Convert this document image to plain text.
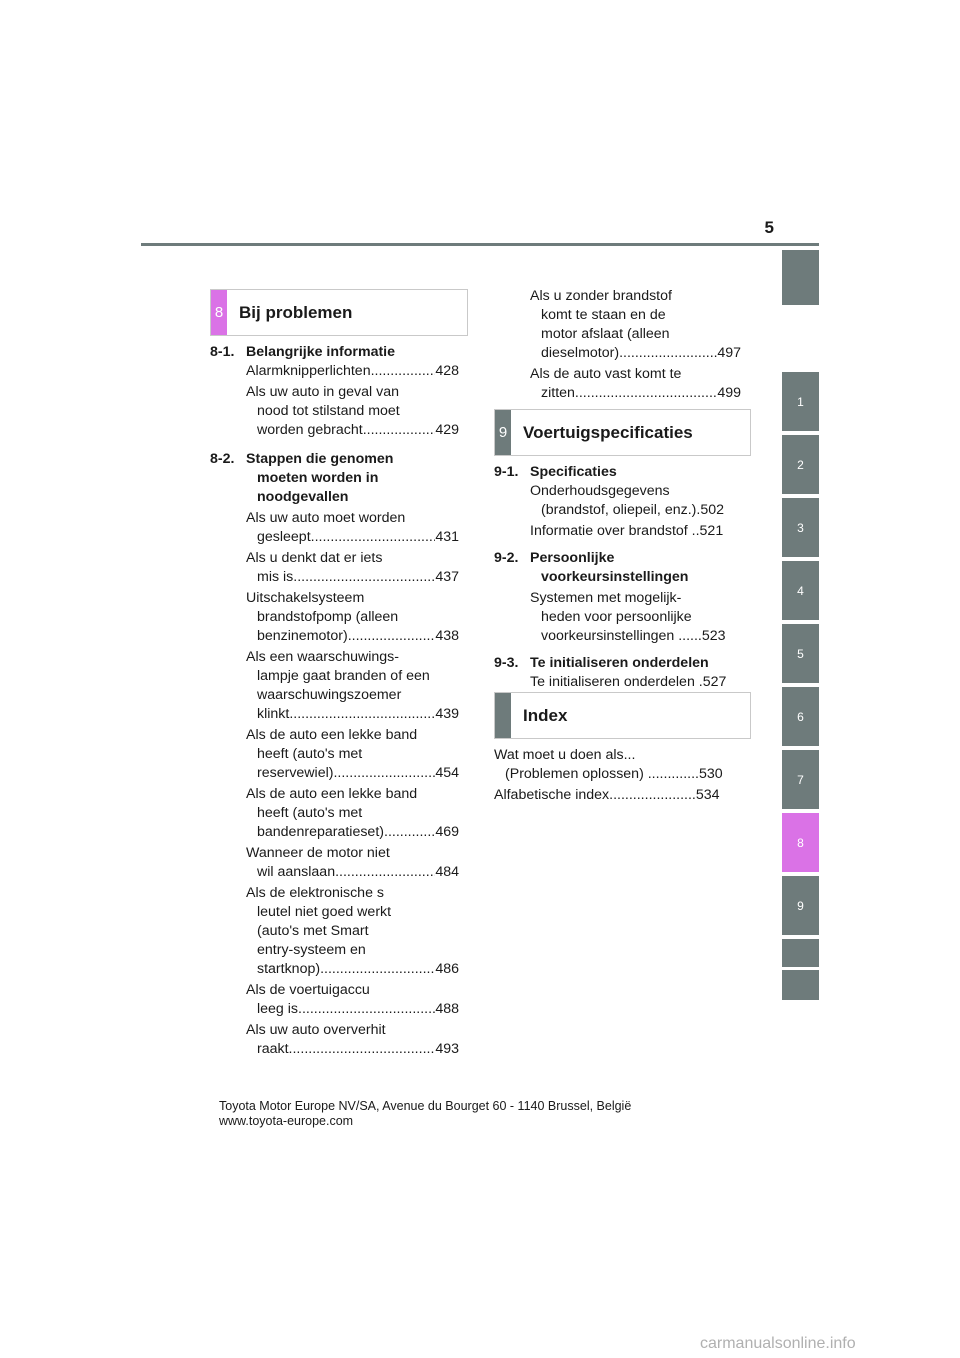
5
1
2
3
4
5
6
7
8
9
8 Bij problemen
8-1. Belangrijke informatie
Alarmknipperlichten .....	428
Als uw auto in geval van
nood tot stilstand moet
worden gebracht .....	429
8-2. Stappen die genomen
moeten worden in
noodgevallen
Als uw auto moet worden
gesleept .....	431
Als u denkt dat er iets
mis is .....	437
Uitschakelsysteem
brandstofpomp (alleen
benzinemotor) .....	438
Als een waarschuwings-
lampje gaat branden of een
waarschuwingszoemer
klinkt .....	439
Als de auto een lekke band
heeft (auto's met
reservewiel) .....	454
Als de auto een lekke band
heeft (auto's met
bandenreparatieset) .....	469
Wanneer de motor niet
wil aanslaan .....	484
Als de elektronische s
leutel niet goed werkt
(auto's met Smart
entry-systeem en
startknop) .....	486
Als de voertuigaccu
leeg is .....	488
Als uw auto oververhit
raakt .....	493
Als u zonder brandstof
komt te staan en de
motor afslaat (alleen
dieselmotor) .....	497
Als de auto vast komt te
zitten .....	499
9 Voertuigspecificaties
9-1. Specificaties
Onderhoudsgegevens
(brandstof, oliepeil, enz.). 502
Informatie over brandstof .. 521
9-2. Persoonlijke
voorkeursinstellingen
Systemen met mogelijk-
heden voor persoonlijke
voorkeursinstellingen ...... 523
9-3. Te initialiseren onderdelen
Te initialiseren onderdelen . 527
Index
Wat moet u doen als...
(Problemen oplossen) ............. 530
Alfabetische index...................... 534
Toyota Motor Europe NV/SA, Avenue du Bourget 60 - 1140 Brussel, België
www.toyota-europe.com
carmanualsonline.info
